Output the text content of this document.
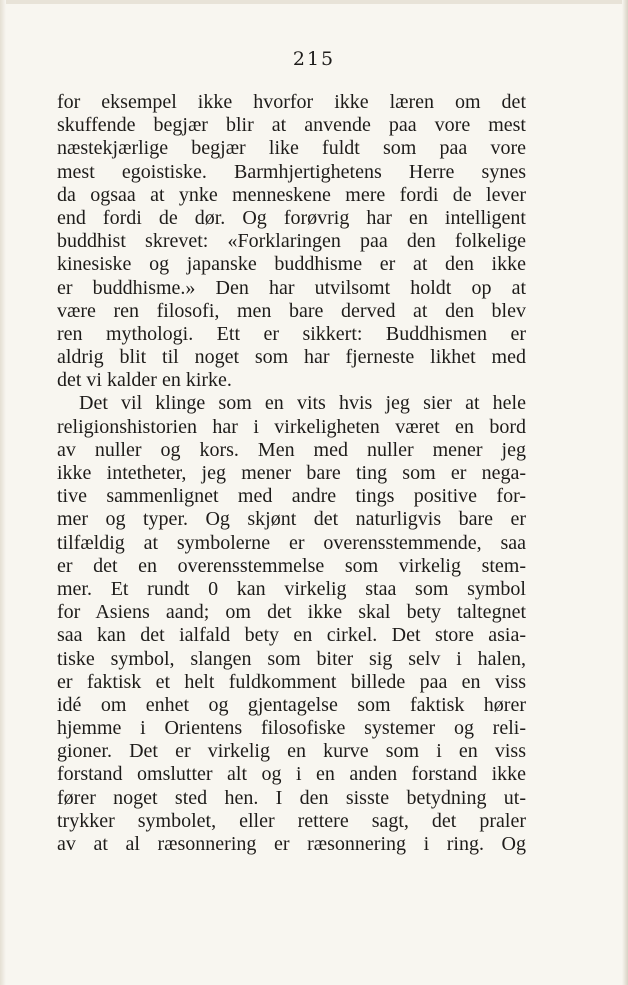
215
for eksempel ikke hvorfor ikke læren om det
skuffende begjær blir at anvende paa vore mest
næstekjærlige begjær like fuldt som paa vore
mest egoistiske. Barmhjertighetens Herre synes
da ogsaa at ynke menneskene mere fordi de lever
end fordi de dør. Og forøvrig har en intelligent
buddhist skrevet: «Forklaringen paa den folkelige
kinesiske og japanske buddhisme er at den ikke
er buddhisme.» Den har utvilsomt holdt op at
være ren filosofi, men bare derved at den blev
ren mythologi. Ett er sikkert: Buddhismen er
aldrig blit til noget som har fjerneste likhet med
det vi kalder en kirke.
Det vil klinge som en vits hvis jeg sier at hele
religionshistorien har i virkeligheten været en bord
av nuller og kors. Men med nuller mener jeg
ikke intetheter, jeg mener bare ting som er nega-
tive sammenlignet med andre tings positive for-
mer og typer. Og skjønt det naturligvis bare er
tilfældig at symbolerne er overensstemmende, saa
er det en overensstemmelse som virkelig stem-
mer. Et rundt 0 kan virkelig staa som symbol
for Asiens aand; om det ikke skal bety taltegnet
saa kan det ialfald bety en cirkel. Det store asia-
tiske symbol, slangen som biter sig selv i halen,
er faktisk et helt fuldkomment billede paa en viss
idé om enhet og gjentagelse som faktisk hører
hjemme i Orientens filosofiske systemer og reli-
gioner. Det er virkelig en kurve som i en viss
forstand omslutter alt og i en anden forstand ikke
fører noget sted hen. I den sisste betydning ut-
trykker symbolet, eller rettere sagt, det praler
av at al ræsonnering er ræsonnering i ring. Og
